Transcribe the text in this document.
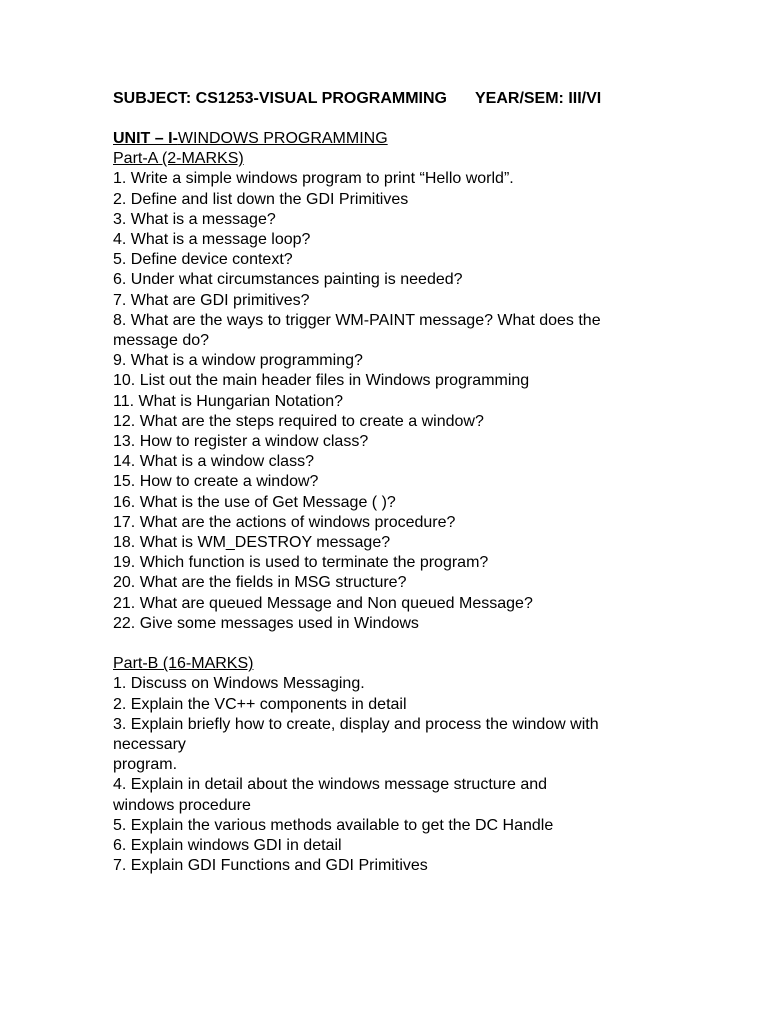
SUBJECT: CS1253-VISUAL PROGRAMMING YEAR/SEM: III/VI
UNIT – I-WINDOWS PROGRAMMING
Part-A (2-MARKS)
1. Write a simple windows program to print “Hello world”.
2. Define and list down the GDI Primitives
3. What is a message?
4. What is a message loop?
5. Define device context?
6. Under what circumstances painting is needed?
7. What are GDI primitives?
8. What are the ways to trigger WM-PAINT message? What does the
message do?
9. What is a window programming?
10. List out the main header files in Windows programming
11. What is Hungarian Notation?
12. What are the steps required to create a window?
13. How to register a window class?
14. What is a window class?
15. How to create a window?
16. What is the use of Get Message ( )?
17. What are the actions of windows procedure?
18. What is WM_DESTROY message?
19. Which function is used to terminate the program?
20. What are the fields in MSG structure?
21. What are queued Message and Non queued Message?
22. Give some messages used in Windows
Part-B (16-MARKS)
1. Discuss on Windows Messaging.
2. Explain the VC++ components in detail
3. Explain briefly how to create, display and process the window with
necessary
program.
4. Explain in detail about the windows message structure and
windows procedure
5. Explain the various methods available to get the DC Handle
6. Explain windows GDI in detail
7. Explain GDI Functions and GDI Primitives
